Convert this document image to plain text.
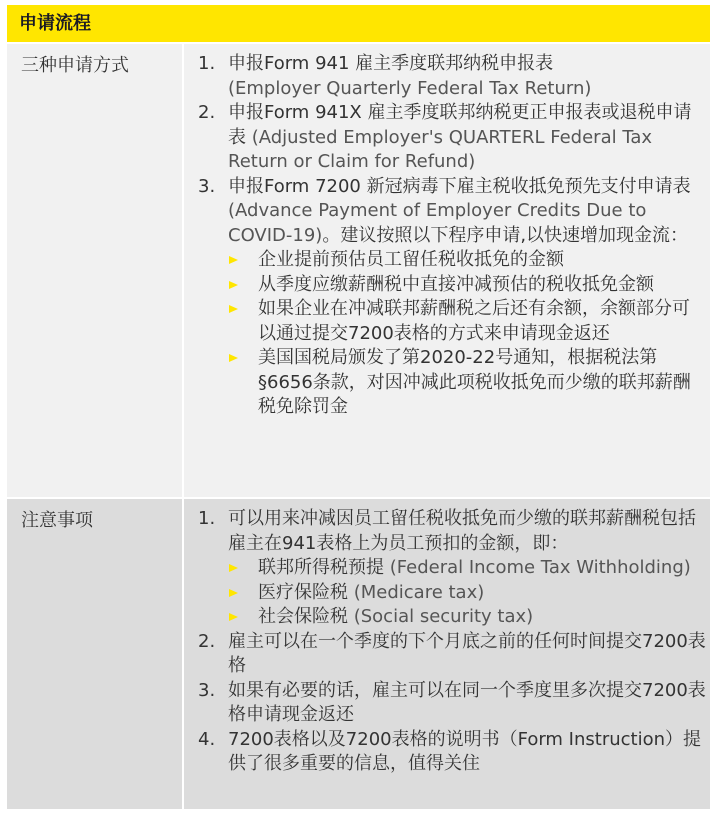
申请流程
三种申请方式	1. 申报Form 941 雇主季度联邦纳税申报表
(Employer Quarterly Federal Tax Return)
2. 申报Form 941X 雇主季度联邦纳税更正申报表或退税申请表 (Adjusted Employer's QUARTERL Federal Tax Return or Claim for Refund)
3. 申报Form 7200 新冠病毒下雇主税收抵免预先支付申请表 (Advance Payment of Employer Credits Due to COVID-19)。建议按照以下程序申请,以快速增加现金流：
企业提前预估员工留任税收抵免的金额
从季度应缴薪酬税中直接冲减预估的税收抵免金额
如果企业在冲减联邦薪酬税之后还有余额，余额部分可以通过提交7200表格的方式来申请现金返还
美国国税局颁发了第2020-22号通知，根据税法第§6656条款，对因冲减此项税收抵免而少缴的联邦薪酬税免除罚金
注意事项	1. 可以用来冲减因员工留任税收抵免而少缴的联邦薪酬税包括雇主在941表格上为员工预扣的金额，即：
联邦所得税预提 (Federal Income Tax Withholding)
医疗保险税 (Medicare tax)
社会保险税 (Social security tax)
2. 雇主可以在一个季度的下个月底之前的任何时间提交7200表格
3. 如果有必要的话，雇主可以在同一个季度里多次提交7200表格申请现金返还
4. 7200表格以及7200表格的说明书（Form Instruction）提供了很多重要的信息，值得关住
